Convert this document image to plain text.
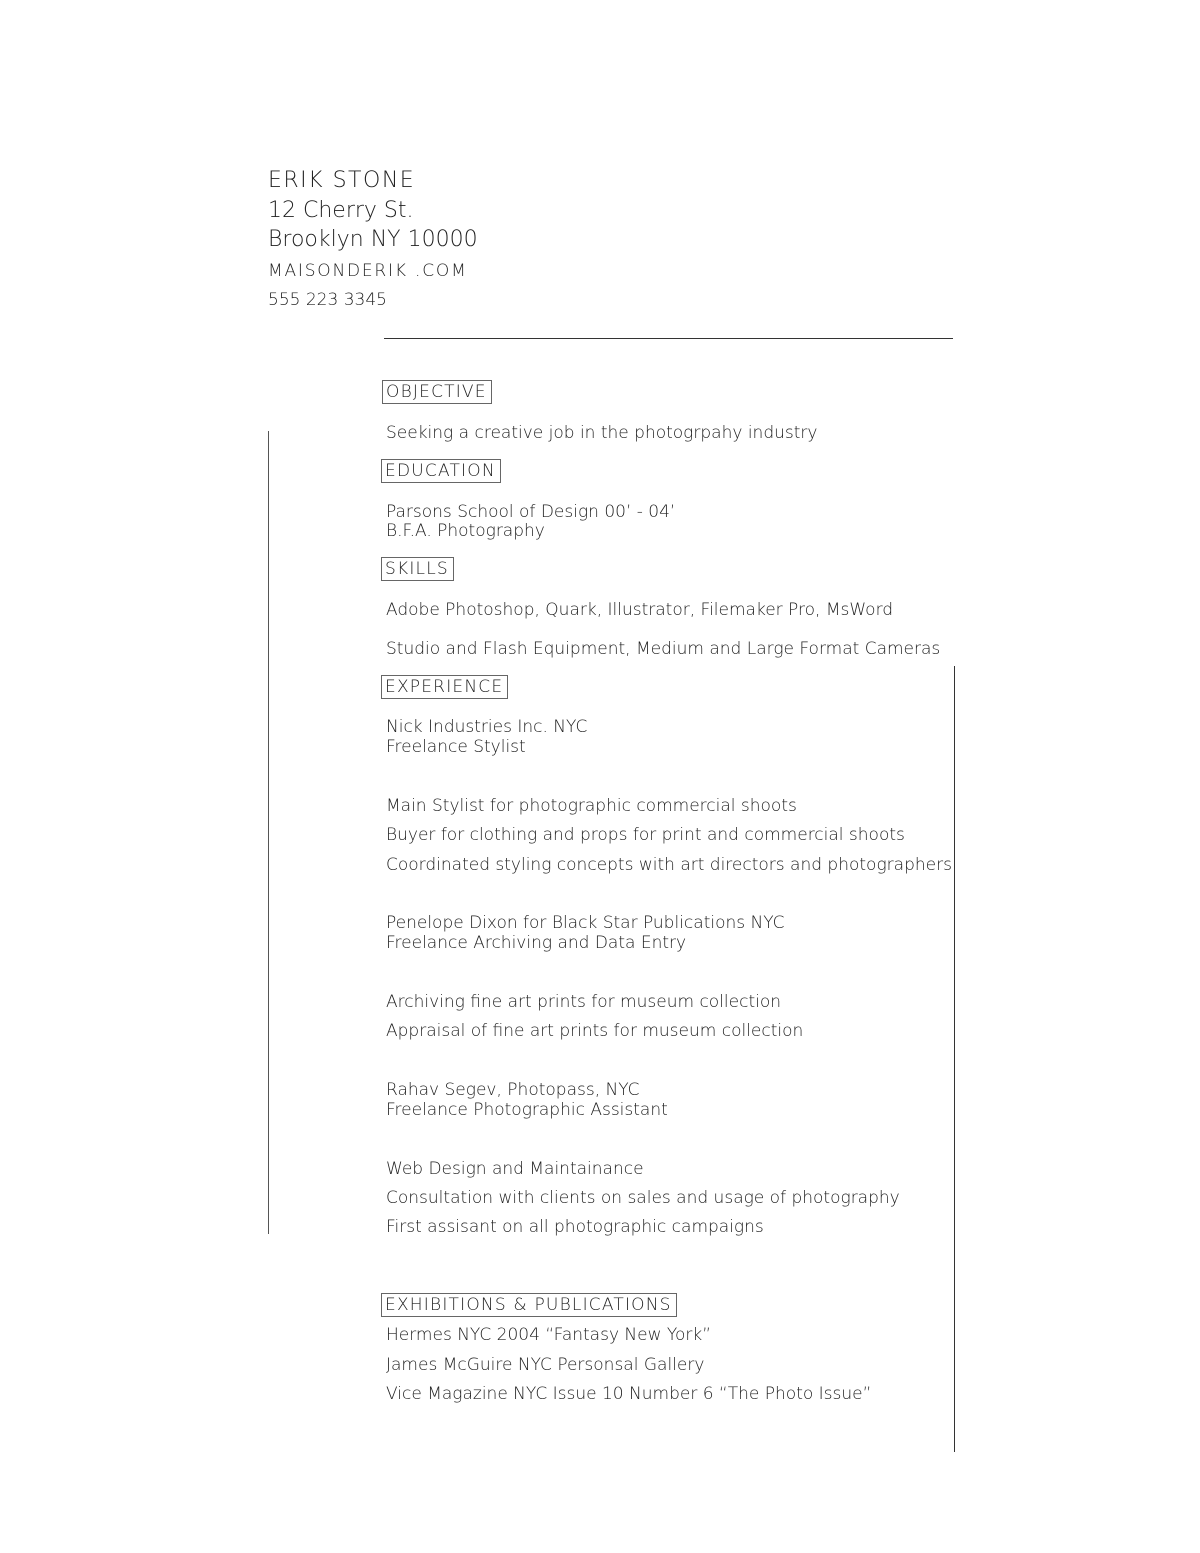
ERIK STONE
12 Cherry St.
Brooklyn NY 10000
MAISONDERIK .COM
555 223 3345
OBJECTIVE
Seeking a creative job in the photogrpahy industry
EDUCATION
Parsons School of Design 00’ - 04’
B.F.A. Photography
SKILLS
Adobe Photoshop, Quark, Illustrator, Filemaker Pro, MsWord
Studio and Flash Equipment, Medium and Large Format Cameras
EXPERIENCE
Nick Industries Inc. NYC
Freelance Stylist
Main Stylist for photographic commercial shoots
Buyer for clothing and props for print and commercial shoots
Coordinated styling concepts with art directors and photographers
Penelope Dixon for Black Star Publications NYC
Freelance Archiving and Data Entry
Archiving fine art prints for museum collection
Appraisal of fine art prints for museum collection
Rahav Segev, Photopass, NYC
Freelance Photographic Assistant
Web Design and Maintainance
Consultation with clients on sales and usage of photography
First assisant on all photographic campaigns
EXHIBITIONS & PUBLICATIONS
Hermes NYC 2004 “Fantasy New York”
James McGuire NYC Personsal Gallery
Vice Magazine NYC Issue 10 Number 6 “The Photo Issue”
